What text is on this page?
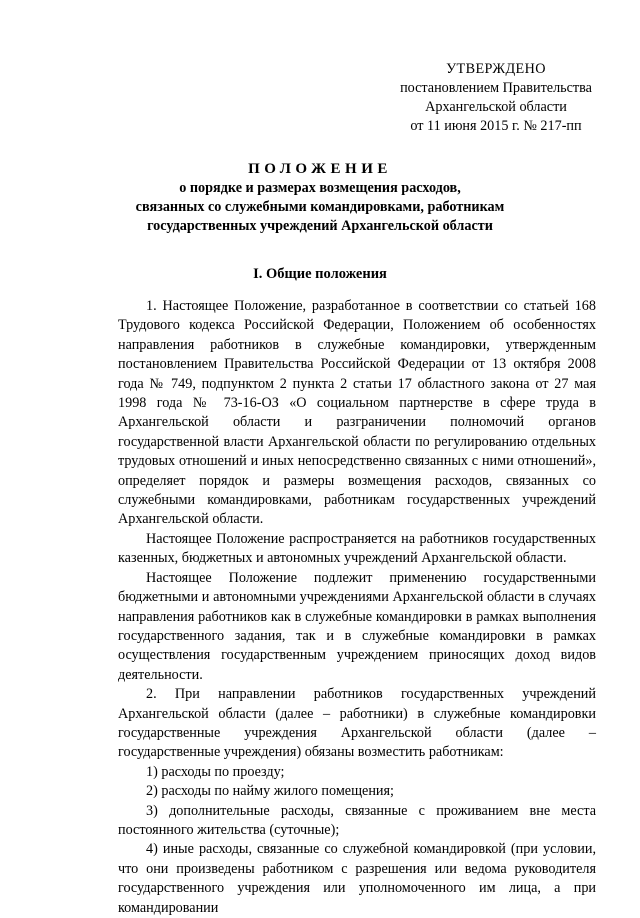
УТВЕРЖДЕНО
постановлением Правительства
Архангельской области
от 11 июня 2015 г. № 217-пп
ПОЛОЖЕНИЕ
о порядке и размерах возмещения расходов,
связанных со служебными командировками, работникам
государственных учреждений Архангельской области
I. Общие положения

1. Настоящее Положение, разработанное в соответствии со статьей 168 Трудового кодекса Российской Федерации, Положением об особенностях направления работников в служебные командировки, утвержденным постановлением Правительства Российской Федерации от 13 октября 2008 года № 749, подпунктом 2 пункта 2 статьи 17 областного закона от 27 мая 1998 года № 73-16-ОЗ «О социальном партнерстве в сфере труда в Архангельской области и разграничении полномочий органов государственной власти Архангельской области по регулированию отдельных трудовых отношений и иных непосредственно связанных с ними отношений», определяет порядок и размеры возмещения расходов, связанных со служебными командировками, работникам государственных учреждений Архангельской области.

Настоящее Положение распространяется на работников государственных казенных, бюджетных и автономных учреждений Архангельской области.

Настоящее Положение подлежит применению государственными бюджетными и автономными учреждениями Архангельской области в случаях направления работников как в служебные командировки в рамках выполнения государственного задания, так и в служебные командировки в рамках осуществления государственным учреждением приносящих доход видов деятельности.

2. При направлении работников государственных учреждений Архангельской области (далее – работники) в служебные командировки государственные учреждения Архангельской области (далее – государственные учреждения) обязаны возместить работникам:

1) расходы по проезду;

2) расходы по найму жилого помещения;

3) дополнительные расходы, связанные с проживанием вне места постоянного жительства (суточные);

4) иные расходы, связанные со служебной командировкой (при условии, что они произведены работником с разрешения или ведома руководителя государственного учреждения или уполномоченного им лица, а при командировании
